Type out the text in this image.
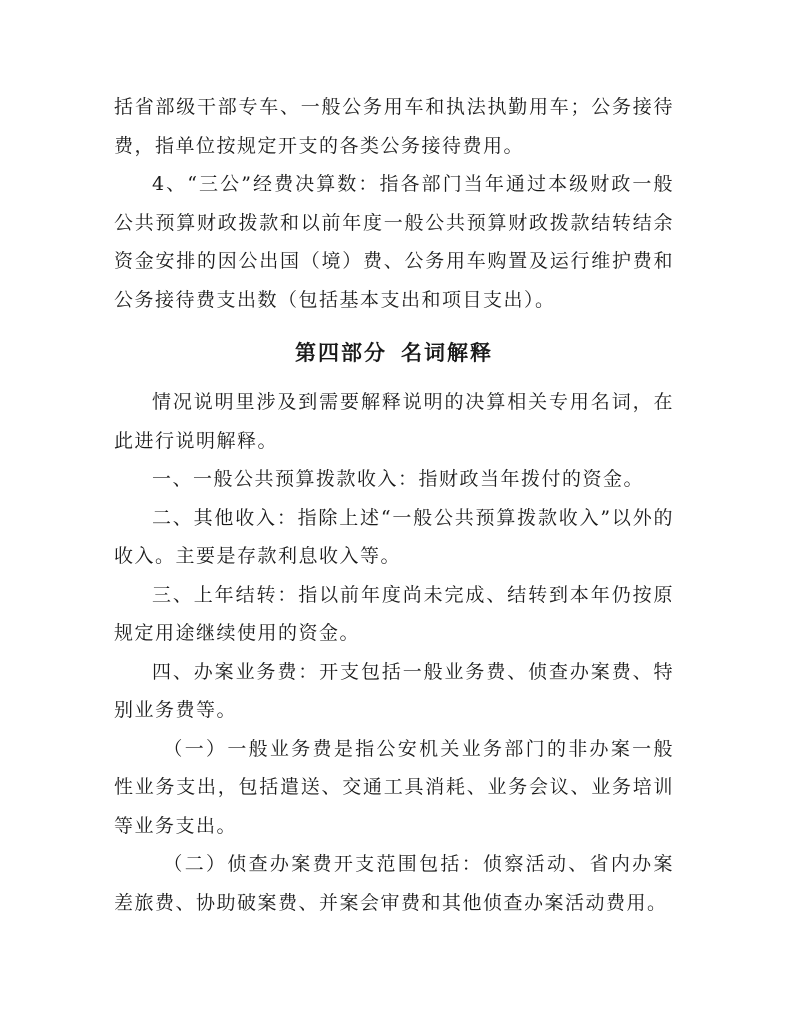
括省部级干部专车、一般公务用车和执法执勤用车；公务接待费，指单位按规定开支的各类公务接待费用。

4、“三公”经费决算数：指各部门当年通过本级财政一般公共预算财政拨款和以前年度一般公共预算财政拨款结转结余资金安排的因公出国（境）费、公务用车购置及运行维护费和公务接待费支出数（包括基本支出和项目支出）。

第四部分 名词解释

情况说明里涉及到需要解释说明的决算相关专用名词，在此进行说明解释。

一、一般公共预算拨款收入：指财政当年拨付的资金。

二、其他收入：指除上述“一般公共预算拨款收入”以外的收入。主要是存款利息收入等。

三、上年结转：指以前年度尚未完成、结转到本年仍按原规定用途继续使用的资金。

四、办案业务费：开支包括一般业务费、侦查办案费、特别业务费等。

（一）一般业务费是指公安机关业务部门的非办案一般性业务支出，包括遣送、交通工具消耗、业务会议、业务培训等业务支出。

（二）侦查办案费开支范围包括：侦察活动、省内办案差旅费、协助破案费、并案会审费和其他侦查办案活动费用。
